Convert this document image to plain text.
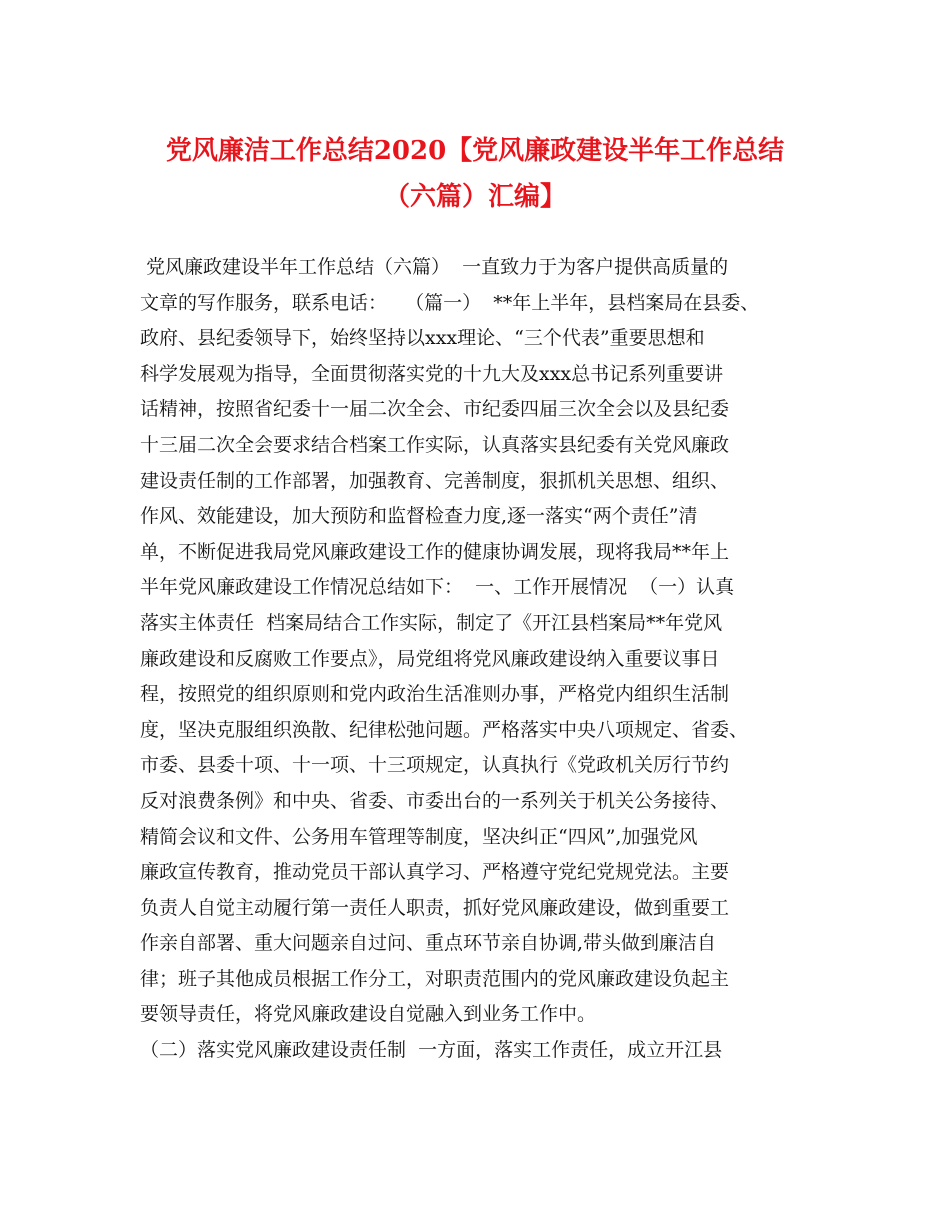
党风廉洁工作总结2020【党风廉政建设半年工作总结
（六篇）汇编】
党风廉政建设半年工作总结（六篇）  一直致力于为客户提供高质量的
文章的写作服务，联系电话：   （篇一）  **年上半年，县档案局在县委、
政府、县纪委领导下，始终坚持以xxx理论、“三个代表”重要思想和
科学发展观为指导，全面贯彻落实党的十九大及xxx总书记系列重要讲
话精神，按照省纪委十一届二次全会、市纪委四届三次全会以及县纪委
十三届二次全会要求结合档案工作实际，认真落实县纪委有关党风廉政
建设责任制的工作部署，加强教育、完善制度，狠抓机关思想、组织、
作风、效能建设，加大预防和监督检查力度,逐一落实“两个责任”清
单，不断促进我局党风廉政建设工作的健康协调发展，现将我局**年上
半年党风廉政建设工作情况总结如下：  一、工作开展情况  （一）认真
落实主体责任  档案局结合工作实际，制定了《开江县档案局**年党风
廉政建设和反腐败工作要点》，局党组将党风廉政建设纳入重要议事日
程，按照党的组织原则和党内政治生活准则办事，严格党内组织生活制
度，坚决克服组织涣散、纪律松弛问题。严格落实中央八项规定、省委、
市委、县委十项、十一项、十三项规定，认真执行《党政机关厉行节约
反对浪费条例》和中央、省委、市委出台的一系列关于机关公务接待、
精简会议和文件、公务用车管理等制度，坚决纠正“四风”,加强党风
廉政宣传教育，推动党员干部认真学习、严格遵守党纪党规党法。主要
负责人自觉主动履行第一责任人职责，抓好党风廉政建设，做到重要工
作亲自部署、重大问题亲自过问、重点环节亲自协调,带头做到廉洁自
律；班子其他成员根据工作分工，对职责范围内的党风廉政建设负起主
要领导责任，将党风廉政建设自觉融入到业务工作中。
（二）落实党风廉政建设责任制  一方面，落实工作责任，成立开江县
